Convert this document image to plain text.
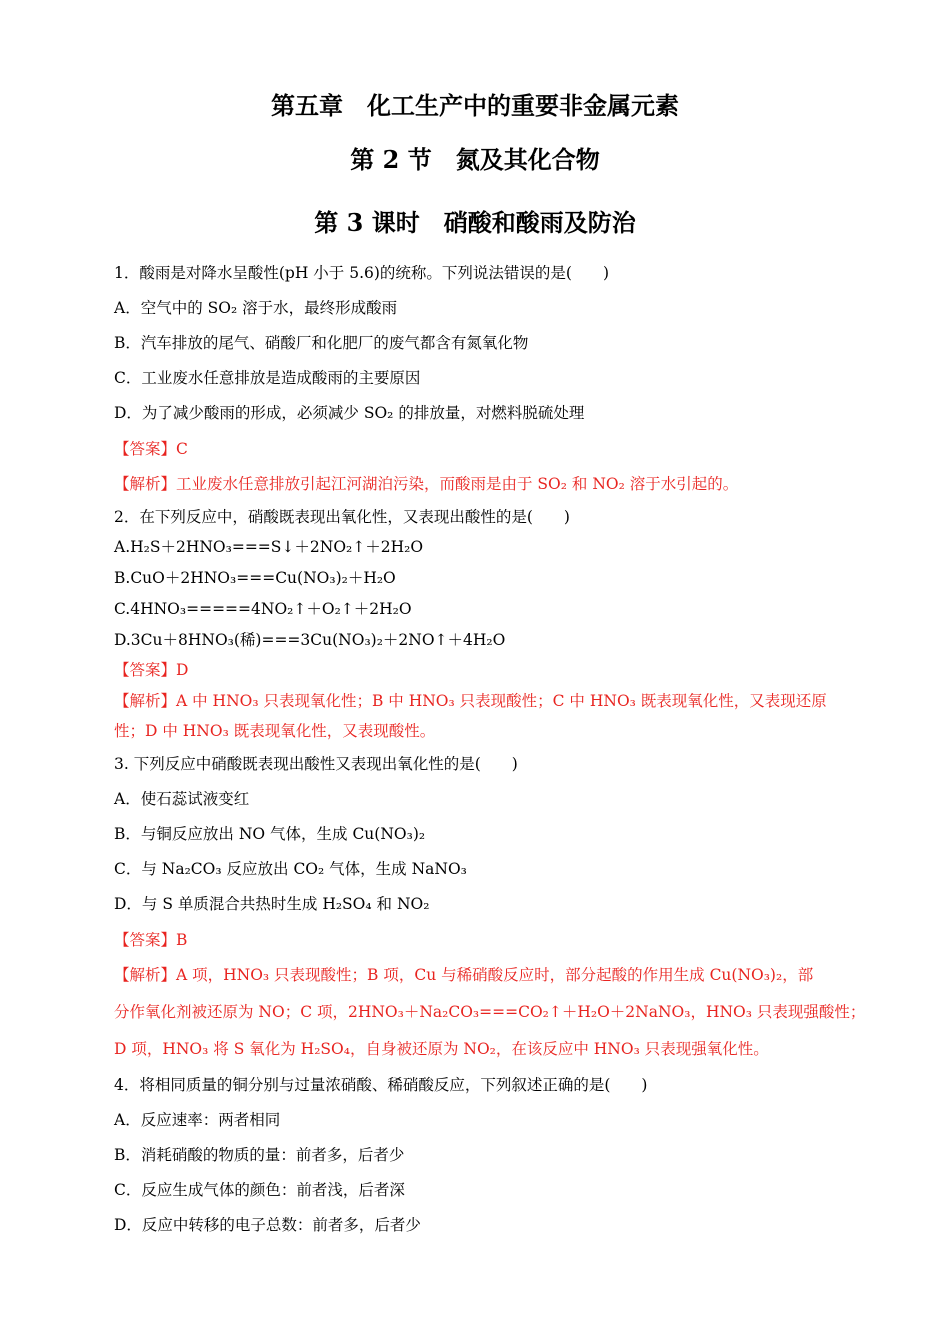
第五章　化工生产中的重要非金属元素
第 2 节　氮及其化合物
第 3 课时　硝酸和酸雨及防治
1．酸雨是对降水呈酸性(pH 小于 5.6)的统称。下列说法错误的是(　　)
A．空气中的 SO₂ 溶于水，最终形成酸雨
B．汽车排放的尾气、硝酸厂和化肥厂的废气都含有氮氧化物
C．工业废水任意排放是造成酸雨的主要原因
D．为了减少酸雨的形成，必须减少 SO₂ 的排放量，对燃料脱硫处理
【答案】C
【解析】工业废水任意排放引起江河湖泊污染，而酸雨是由于 SO₂ 和 NO₂ 溶于水引起的。
2．在下列反应中，硝酸既表现出氧化性，又表现出酸性的是(　　)
A.H₂S＋2HNO₃===S↓＋2NO₂↑＋2H₂O
B.CuO＋2HNO₃===Cu(NO₃)₂＋H₂O
C.4HNO₃=====4NO₂↑＋O₂↑＋2H₂O
D.3Cu＋8HNO₃(稀)===3Cu(NO₃)₂＋2NO↑＋4H₂O
【答案】D
【解析】A 中 HNO₃ 只表现氧化性；B 中 HNO₃ 只表现酸性；C 中 HNO₃ 既表现氧化性，又表现还原
性；D 中 HNO₃ 既表现氧化性，又表现酸性。
3. 下列反应中硝酸既表现出酸性又表现出氧化性的是(　　)
A．使石蕊试液变红
B．与铜反应放出 NO 气体，生成 Cu(NO₃)₂
C．与 Na₂CO₃ 反应放出 CO₂ 气体，生成 NaNO₃
D．与 S 单质混合共热时生成 H₂SO₄ 和 NO₂
【答案】B
【解析】A 项，HNO₃ 只表现酸性；B 项，Cu 与稀硝酸反应时，部分起酸的作用生成 Cu(NO₃)₂，部
分作氧化剂被还原为 NO；C 项，2HNO₃＋Na₂CO₃===CO₂↑＋H₂O＋2NaNO₃，HNO₃ 只表现强酸性；
D 项，HNO₃ 将 S 氧化为 H₂SO₄，自身被还原为 NO₂，在该反应中 HNO₃ 只表现强氧化性。
4．将相同质量的铜分别与过量浓硝酸、稀硝酸反应，下列叙述正确的是(　　)
A．反应速率：两者相同
B．消耗硝酸的物质的量：前者多，后者少
C．反应生成气体的颜色：前者浅，后者深
D．反应中转移的电子总数：前者多，后者少
